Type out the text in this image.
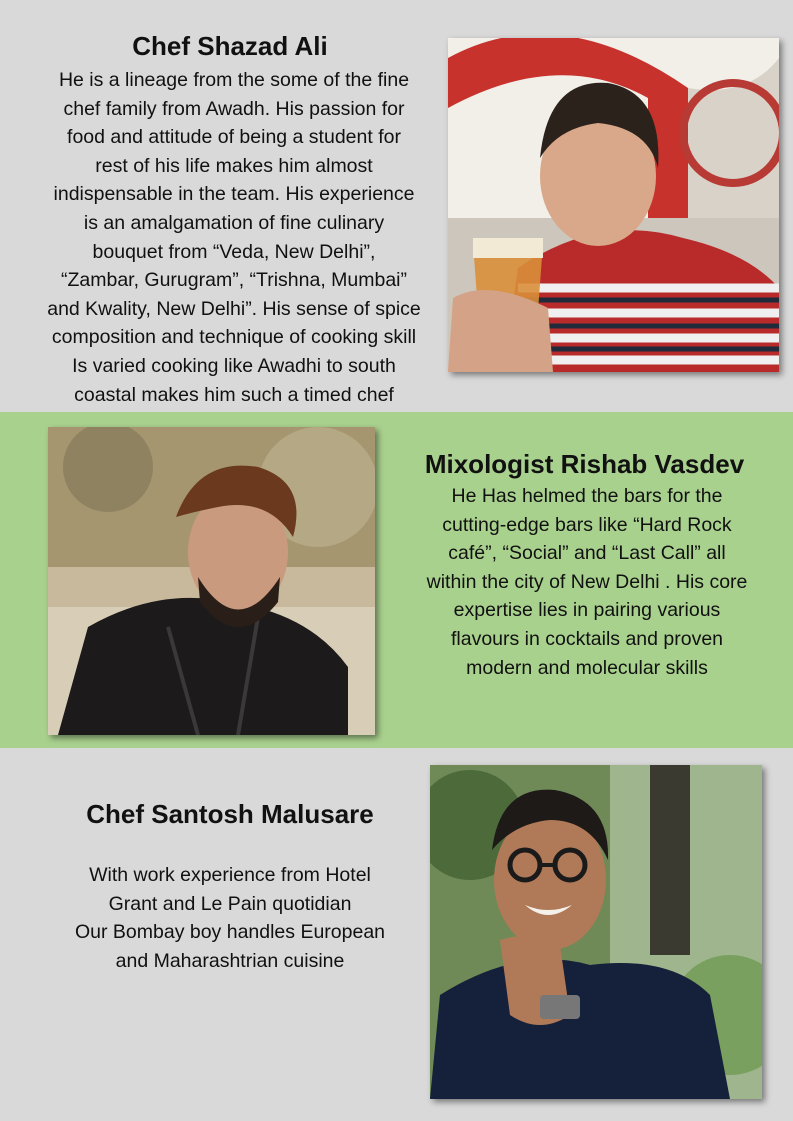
Chef Shazad Ali

He is a lineage from the some of the fine
chef family from Awadh. His passion for
food and attitude of being a student for
rest of his life makes him almost
indispensable in the team. His experience
is an amalgamation of fine culinary
bouquet from “Veda, New Delhi”,
“Zambar, Gurugram”, “Trishna, Mumbai”
and Kwality, New Delhi”. His sense of spice
composition and technique of cooking skill
Is varied cooking like Awadhi to south
coastal makes him such a timed chef

Mixologist Rishab Vasdev

He Has helmed the bars for the
cutting-edge bars like “Hard Rock
café”, “Social” and “Last Call” all
within the city of New Delhi . His core
expertise lies in pairing various
flavours in cocktails and proven
modern and molecular skills

Chef Santosh Malusare

With work experience from Hotel
Grant and Le Pain quotidian
Our Bombay boy handles European
and Maharashtrian cuisine
